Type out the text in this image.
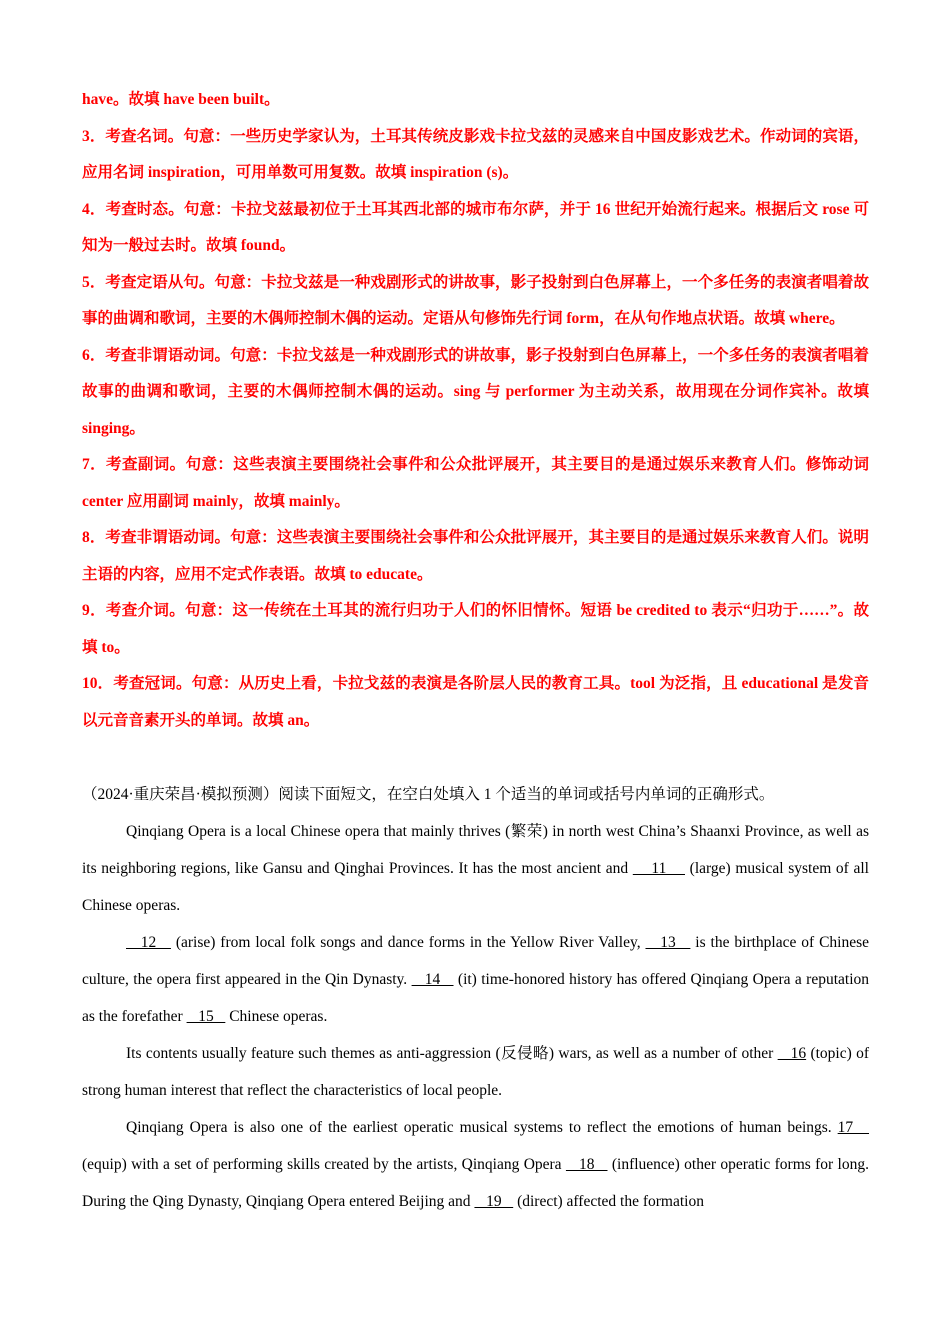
have。故填 have been built。

3．考查名词。句意：一些历史学家认为，土耳其传统皮影戏卡拉戈兹的灵感来自中国皮影戏艺术。作动词的宾语，应用名词 inspiration，可用单数可用复数。故填 inspiration (s)。

4．考查时态。句意：卡拉戈兹最初位于土耳其西北部的城市布尔萨，并于 16 世纪开始流行起来。根据后文 rose 可知为一般过去时。故填 found。

5．考查定语从句。句意：卡拉戈兹是一种戏剧形式的讲故事，影子投射到白色屏幕上，一个多任务的表演者唱着故事的曲调和歌词，主要的木偶师控制木偶的运动。定语从句修饰先行词 form，在从句作地点状语。故填 where。

6．考查非谓语动词。句意：卡拉戈兹是一种戏剧形式的讲故事，影子投射到白色屏幕上，一个多任务的表演者唱着故事的曲调和歌词，主要的木偶师控制木偶的运动。sing 与 performer 为主动关系，故用现在分词作宾补。故填 singing。

7．考查副词。句意：这些表演主要围绕社会事件和公众批评展开，其主要目的是通过娱乐来教育人们。修饰动词 center 应用副词 mainly，故填 mainly。

8．考查非谓语动词。句意：这些表演主要围绕社会事件和公众批评展开，其主要目的是通过娱乐来教育人们。说明主语的内容，应用不定式作表语。故填 to educate。

9．考查介词。句意：这一传统在土耳其的流行归功于人们的怀旧情怀。短语 be credited to 表示“归功于……”。故填 to。

10．考查冠词。句意：从历史上看，卡拉戈兹的表演是各阶层人民的教育工具。tool 为泛指，且 educational 是发音以元音音素开头的单词。故填 an。

（2024·重庆荣昌·模拟预测）阅读下面短文，在空白处填入 1 个适当的单词或括号内单词的正确形式。

Qinqiang Opera is a local Chinese opera that mainly thrives (繁荣) in north west China’s Shaanxi Province, as well as its neighboring regions, like Gansu and Qinghai Provinces. It has the most ancient and     11     (large) musical system of all Chinese operas.

12    (arise) from local folk songs and dance forms in the Yellow River Valley,    13    is the birthplace of Chinese culture, the opera first appeared in the Qin Dynasty.    14    (it) time-honored history has offered Qinqiang Opera a reputation as the forefather    15    Chinese operas.

Its contents usually feature such themes as anti-aggression (反侵略) wars, as well as a number of other    16 (topic) of strong human interest that reflect the characteristics of local people.

Qinqiang Opera is also one of the earliest operatic musical systems to reflect the emotions of human beings. 17    (equip) with a set of performing skills created by the artists, Qinqiang Opera    18    (influence) other operatic forms for long. During the Qing Dynasty, Qinqiang Opera entered Beijing and    19    (direct) affected the formation
